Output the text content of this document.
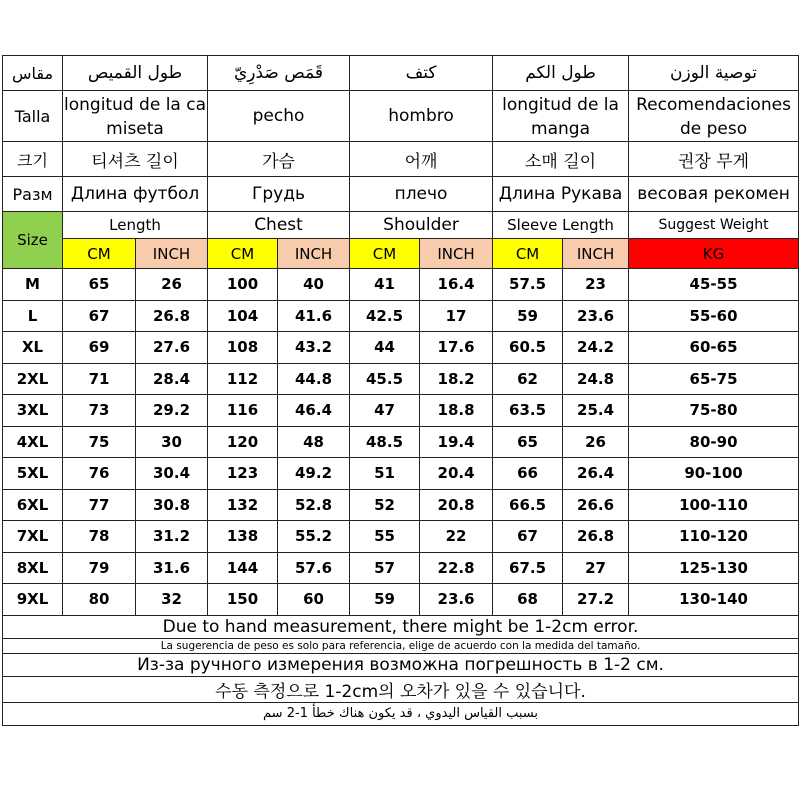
مقاس	طول القميص		قَمَص صَدْرِيّ		كتف		طول الكم		توصية الوزن
Talla	longitud de la camiseta		pecho		hombro		longitud de la manga		Recomendaciones de peso
크기	티셔츠 길이		가슴		어깨		소매 길이		권장 무게
Разм	Длина футбол		Грудь		плечо		Длина Рукава		весовая рекомен
Size	Length		Chest		Shoulder		Sleeve Length		Suggest Weight
	CM	INCH	CM	INCH	CM	INCH	CM	INCH	KG
M	65	26	100	40	41	16.4	57.5	23	45-55
L	67	26.8	104	41.6	42.5	17	59	23.6	55-60
XL	69	27.6	108	43.2	44	17.6	60.5	24.2	60-65
2XL	71	28.4	112	44.8	45.5	18.2	62	24.8	65-75
3XL	73	29.2	116	46.4	47	18.8	63.5	25.4	75-80
4XL	75	30	120	48	48.5	19.4	65	26	80-90
5XL	76	30.4	123	49.2	51	20.4	66	26.4	90-100
6XL	77	30.8	132	52.8	52	20.8	66.5	26.6	100-110
7XL	78	31.2	138	55.2	55	22	67	26.8	110-120
8XL	79	31.6	144	57.6	57	22.8	67.5	27	125-130
9XL	80	32	150	60	59	23.6	68	27.2	130-140
Due to hand measurement, there might be 1-2cm error.									
La sugerencia de peso es solo para referencia, elige de acuerdo con la medida del tamaño.									
Из-за ручного измерения возможна погрешность в 1-2 см.									
수동 측정으로 1-2cm의 오차가 있을 수 있습니다.									
بسبب القياس اليدوي ، قد يكون هناك خطأ 1-2 سم									
